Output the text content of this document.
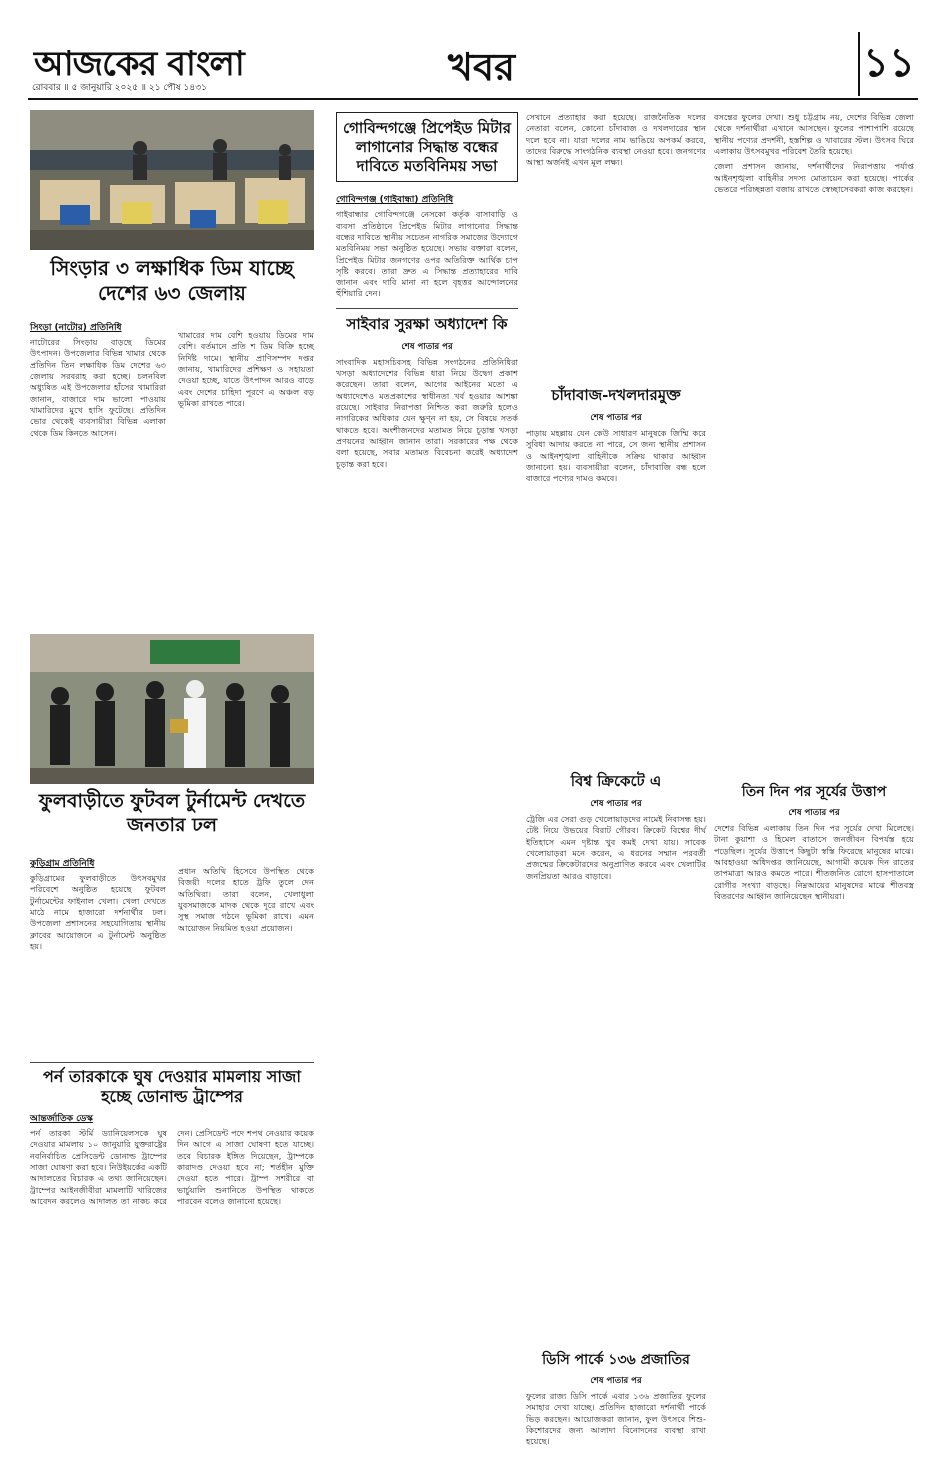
আজকের বাংলা	খবর	১১
রোববার ॥ ৫ জানুয়ারি ২০২৫ ॥ ২১ পৌষ ১৪৩১
সিংড়ার ৩ লক্ষাধিক ডিম যাচ্ছে দেশের ৬৩ জেলায়
সিংড়া (নাটোর) প্রতিনিধি
নাটোরের সিংড়ায় বাড়ছে ডিমের উৎপাদন। উপজেলার বিভিন্ন খামার থেকে প্রতিদিন তিন লক্ষাধিক ডিম দেশের ৬৩ জেলায় সরবরাহ করা হচ্ছে। চলনবিল অধ্যুষিত এই উপজেলার হাঁসের খামারিরা জানান, বাজারে দাম ভালো পাওয়ায় খামারিদের মুখে হাসি ফুটেছে। প্রতিদিন ভোর থেকেই ব্যবসায়ীরা বিভিন্ন এলাকা থেকে ডিম কিনতে আসেন।
খামারের দাম বেশি হওয়ায় ডিমের দাম বেশি। বর্তমানে প্রতি শ ডিম বিক্রি হচ্ছে নির্দিষ্ট দামে। স্থানীয় প্রাণিসম্পদ দপ্তর জানায়, খামারিদের প্রশিক্ষণ ও সহায়তা দেওয়া হচ্ছে, যাতে উৎপাদন আরও বাড়ে এবং দেশের চাহিদা পূরণে এ অঞ্চল বড় ভূমিকা রাখতে পারে।
ফুলবাড়ীতে ফুটবল টুর্নামেন্ট দেখতে জনতার ঢল
কুড়িগ্রাম প্রতিনিধি
কুড়িগ্রামের ফুলবাড়ীতে উৎসবমুখর পরিবেশে অনুষ্ঠিত হয়েছে ফুটবল টুর্নামেন্টের ফাইনাল খেলা। খেলা দেখতে মাঠে নামে হাজারো দর্শনার্থীর ঢল। উপজেলা প্রশাসনের সহযোগিতায় স্থানীয় ক্লাবের আয়োজনে এ টুর্নামেন্ট অনুষ্ঠিত হয়।
প্রধান অতিথি হিসেবে উপস্থিত থেকে বিজয়ী দলের হাতে ট্রফি তুলে দেন অতিথিরা। তারা বলেন, খেলাধুলা যুবসমাজকে মাদক থেকে দূরে রাখে এবং সুস্থ সমাজ গঠনে ভূমিকা রাখে। এমন আয়োজন নিয়মিত হওয়া প্রয়োজন।
পর্ন তারকাকে ঘুষ দেওয়ার মামলায় সাজা হচ্ছে ডোনাল্ড ট্রাম্পের
আন্তর্জাতিক ডেস্ক
পর্ন তারকা স্টর্মি ড্যানিয়েলসকে ঘুষ দেওয়ার মামলায় ১০ জানুয়ারি যুক্তরাষ্ট্রের নবনির্বাচিত প্রেসিডেন্ট ডোনাল্ড ট্রাম্পের সাজা ঘোষণা করা হবে। নিউইয়র্কের একটি আদালতের বিচারক এ তথ্য জানিয়েছেন। ট্রাম্পের আইনজীবীরা মামলাটি খারিজের আবেদন করলেও আদালত তা নাকচ করে দেন। প্রেসিডেন্ট পদে শপথ নেওয়ার কয়েক দিন আগে এ সাজা ঘোষণা হতে যাচ্ছে। তবে বিচারক ইঙ্গিত দিয়েছেন, ট্রাম্পকে কারাদণ্ড দেওয়া হবে না; শর্তহীন মুক্তি দেওয়া হতে পারে। ট্রাম্প সশরীরে বা ভার্চুয়ালি শুনানিতে উপস্থিত থাকতে পারবেন বলেও জানানো হয়েছে।
গোবিন্দগঞ্জে প্রিপেইড মিটার লাগানোর সিদ্ধান্ত বন্ধের দাবিতে মতবিনিময় সভা
গোবিন্দগঞ্জ (গাইবান্ধা) প্রতিনিধি
গাইবান্ধার গোবিন্দগঞ্জে নেসকো কর্তৃক বাসাবাড়ি ও ব্যবসা প্রতিষ্ঠানে প্রিপেইড মিটার লাগানোর সিদ্ধান্ত বন্ধের দাবিতে স্থানীয় সচেতন নাগরিক সমাজের উদ্যোগে মতবিনিময় সভা অনুষ্ঠিত হয়েছে। সভায় বক্তারা বলেন, প্রিপেইড মিটার জনগণের ওপর অতিরিক্ত আর্থিক চাপ সৃষ্টি করবে। তারা দ্রুত এ সিদ্ধান্ত প্রত্যাহারের দাবি জানান এবং দাবি মানা না হলে বৃহত্তর আন্দোলনের হুঁশিয়ারি দেন।
সাইবার সুরক্ষা অধ্যাদেশ কি
শেষ পাতার পর
সাংবাদিক মহাসচিবসহ বিভিন্ন সংগঠনের প্রতিনিধিরা খসড়া অধ্যাদেশের বিভিন্ন ধারা নিয়ে উদ্বেগ প্রকাশ করেছেন। তারা বলেন, আগের আইনের মতো এ অধ্যাদেশেও মতপ্রকাশের স্বাধীনতা খর্ব হওয়ার আশঙ্কা রয়েছে। সাইবার নিরাপত্তা নিশ্চিত করা জরুরি হলেও নাগরিকের অধিকার যেন ক্ষুণ্ন না হয়, সে বিষয়ে সতর্ক থাকতে হবে। অংশীজনদের মতামত নিয়ে চূড়ান্ত খসড়া প্রণয়নের আহ্বান জানান তারা। সরকারের পক্ষ থেকে বলা হয়েছে, সবার মতামত বিবেচনা করেই অধ্যাদেশ চূড়ান্ত করা হবে।
সেখানে প্রত্যাহার করা হয়েছে। রাজনৈতিক দলের নেতারা বলেন, কোনো চাঁদাবাজ ও দখলদারের স্থান দলে হবে না। যারা দলের নাম ভাঙিয়ে অপকর্ম করবে, তাদের বিরুদ্ধে সাংগঠনিক ব্যবস্থা নেওয়া হবে। জনগণের আস্থা অর্জনই এখন মূল লক্ষ্য।
চাঁদাবাজ-দখলদারমুক্ত
শেষ পাতার পর
পাড়ায় মহল্লায় যেন কেউ সাধারণ মানুষকে জিম্মি করে সুবিধা আদায় করতে না পারে, সে জন্য স্থানীয় প্রশাসন ও আইনশৃঙ্খলা বাহিনীকে সক্রিয় থাকার আহ্বান জানানো হয়। ব্যবসায়ীরা বলেন, চাঁদাবাজি বন্ধ হলে বাজারে পণ্যের দামও কমবে।
বিশ্ব ক্রিকেটে এ
শেষ পাতার পর
ট্রেজি এর সেরা গুড় খেলোয়াড়দের নামেই নিবাসন্ধ হয়। টেষ্ট নিয়ে উভয়ের বিরাট গৌরব। ক্রিকেট বিশ্বের দীর্ঘ ইতিহাসে এমন দৃষ্টান্ত খুব কমই দেখা যায়। সাবেক খেলোয়াড়রা মনে করেন, এ ধরনের সম্মান পরবর্তী প্রজন্মের ক্রিকেটারদের অনুপ্রাণিত করবে এবং খেলাটির জনপ্রিয়তা আরও বাড়াবে।
ডিসি পার্কে ১৩৬ প্রজাতির
শেষ পাতার পর
ফুলের রাজ্য ডিসি পার্কে এবার ১৩৬ প্রজাতির ফুলের সমাহার দেখা যাচ্ছে। প্রতিদিন হাজারো দর্শনার্থী পার্কে ভিড় করছেন। আয়োজকরা জানান, ফুল উৎসবে শিশু-কিশোরদের জন্য আলাদা বিনোদনের ব্যবস্থা রাখা হয়েছে।
বসন্তের ফুলের দেখা। শুধু চট্টগ্রাম নয়, দেশের বিভিন্ন জেলা থেকে দর্শনার্থীরা এখানে আসছেন। ফুলের পাশাপাশি রয়েছে স্থানীয় পণ্যের প্রদর্শনী, হস্তশিল্প ও খাবারের স্টল। উৎসব ঘিরে এলাকায় উৎসবমুখর পরিবেশ তৈরি হয়েছে।
জেলা প্রশাসন জানায়, দর্শনার্থীদের নিরাপত্তায় পর্যাপ্ত আইনশৃঙ্খলা বাহিনীর সদস্য মোতায়েন করা হয়েছে। পার্কের ভেতরে পরিচ্ছন্নতা বজায় রাখতে স্বেচ্ছাসেবকরা কাজ করছেন।
তিন দিন পর সূর্যের উত্তাপ
শেষ পাতার পর
দেশের বিভিন্ন এলাকায় তিন দিন পর সূর্যের দেখা মিলেছে। টানা কুয়াশা ও হিমেল বাতাসে জনজীবন বিপর্যস্ত হয়ে পড়েছিল। সূর্যের উত্তাপে কিছুটা স্বস্তি ফিরেছে মানুষের মাঝে। আবহাওয়া অধিদপ্তর জানিয়েছে, আগামী কয়েক দিন রাতের তাপমাত্রা আরও কমতে পারে। শীতজনিত রোগে হাসপাতালে রোগীর সংখ্যা বাড়ছে। নিম্নআয়ের মানুষদের মাঝে শীতবস্ত্র বিতরণের আহ্বান জানিয়েছেন স্থানীয়রা।
